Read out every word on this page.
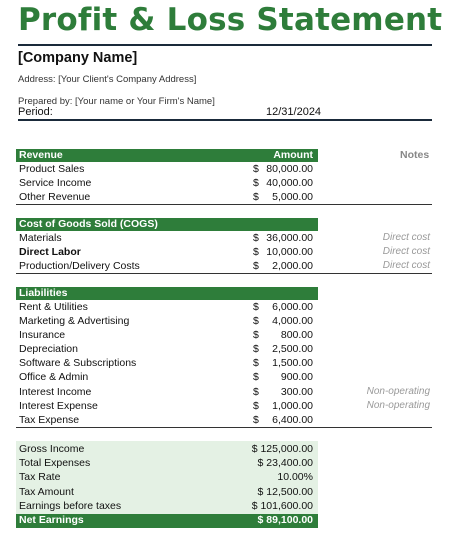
Profit & Loss Statement
[Company Name]
Address: [Your Client's Company Address]
Prepared by: [Your name or Your Firm's Name]
Period:	12/31/2024
Revenue	Amount	Notes
Product Sales	$ 80,000.00
Service Income	$ 40,000.00
Other Revenue	$ 5,000.00
Cost of Goods Sold (COGS)
Materials	$ 36,000.00	Direct cost
Direct Labor	$ 10,000.00	Direct cost
Production/Delivery Costs	$ 2,000.00	Direct cost
Liabilities
Rent & Utilities	$ 6,000.00
Marketing & Advertising	$ 4,000.00
Insurance	$ 800.00
Depreciation	$ 2,500.00
Software & Subscriptions	$ 1,500.00
Office & Admin	$ 900.00
Interest Income	$ 300.00	Non-operating
Interest Expense	$ 1,000.00	Non-operating
Tax Expense	$ 6,400.00
Gross Income	$ 125,000.00
Total Expenses	$ 23,400.00
Tax Rate	10.00%
Tax Amount	$ 12,500.00
Earnings before taxes	$ 101,600.00
Net Earnings	$ 89,100.00
